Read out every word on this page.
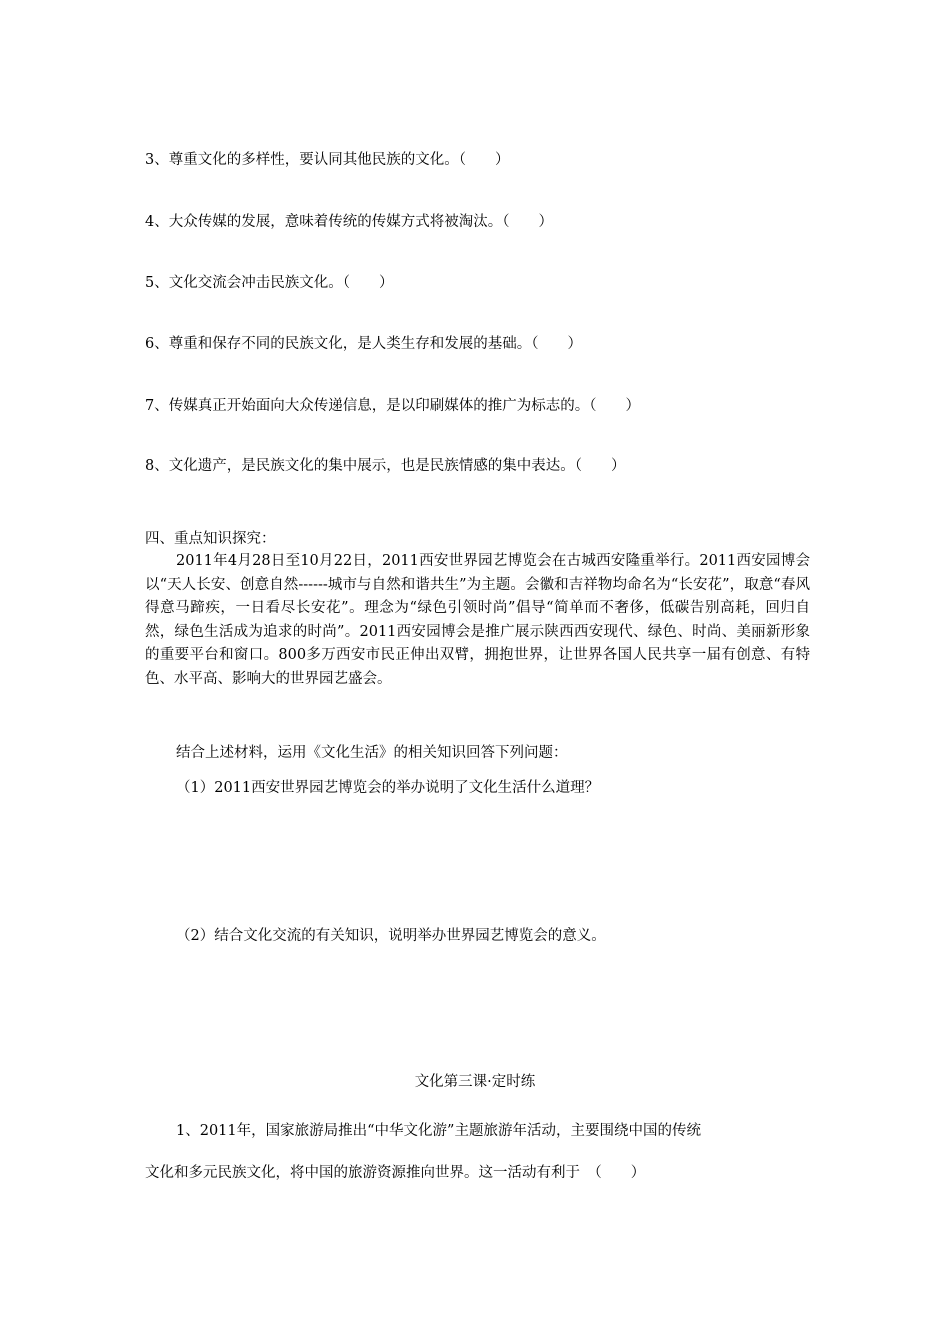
3、尊重文化的多样性，要认同其他民族的文化。（　　）
4、大众传媒的发展，意味着传统的传媒方式将被淘汰。（　　）
5、文化交流会冲击民族文化。（　　）
6、尊重和保存不同的民族文化，是人类生存和发展的基础。（　　）
7、传媒真正开始面向大众传递信息，是以印刷媒体的推广为标志的。（　　）
8、文化遗产，是民族文化的集中展示，也是民族情感的集中表达。（　　）
四、重点知识探究：
2011年4月28日至10月22日，2011西安世界园艺博览会在古城西安隆重举行。2011西安园博会以“天人长安、创意自然------城市与自然和谐共生”为主题。会徽和吉祥物均命名为“长安花”，取意“春风得意马蹄疾，一日看尽长安花”。理念为“绿色引领时尚”倡导“简单而不奢侈，低碳告别高耗，回归自然，绿色生活成为追求的时尚”。2011西安园博会是推广展示陕西西安现代、绿色、时尚、美丽新形象的重要平台和窗口。800多万西安市民正伸出双臂，拥抱世界，让世界各国人民共享一届有创意、有特色、水平高、影响大的世界园艺盛会。
结合上述材料，运用《文化生活》的相关知识回答下列问题：
（1）2011西安世界园艺博览会的举办说明了文化生活什么道理？
（2）结合文化交流的有关知识，说明举办世界园艺博览会的意义。
文化第三课·定时练
1、2011年，国家旅游局推出“中华文化游”主题旅游年活动，主要围绕中国的传统
文化和多元民族文化，将中国的旅游资源推向世界。这一活动有利于　（　　）
